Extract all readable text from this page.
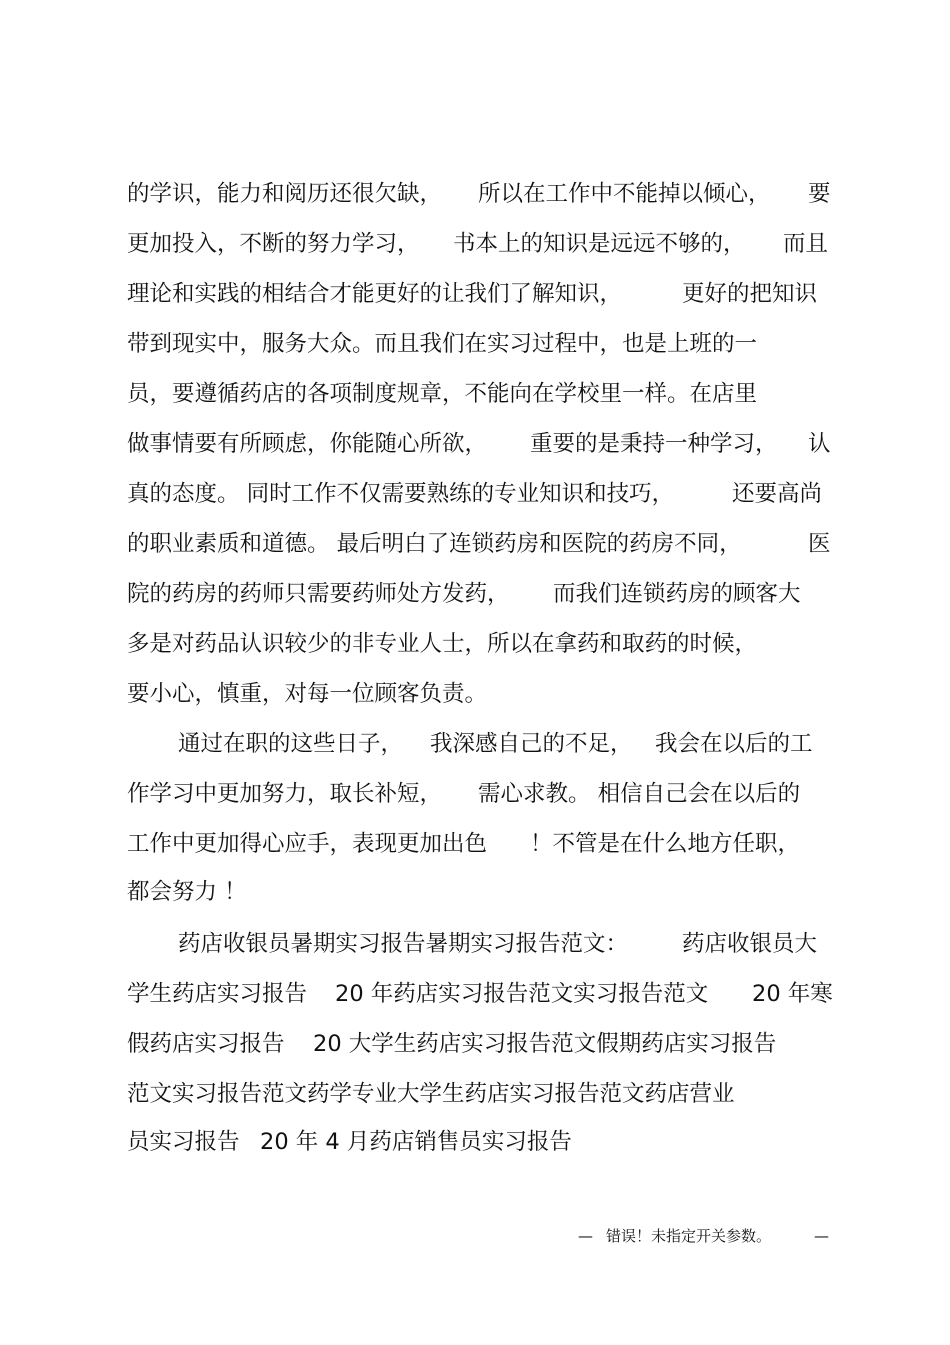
的学识，能力和阅历还很欠缺，

所以在工作中不能掉以倾心，

要

更加投入，不断的努力学习，

书本上的知识是远远不够的，

而且

理论和实践的相结合才能更好的让我们了解知识，

	更好的把知识

带到现实中，服务大众。而且我们在实习过程中，也是上班的一

员，要遵循药店的各项制度规章，不能向在学校里一样。在店里

做事情要有所顾虑，你能随心所欲，

重要的是秉持一种学习，

认

真的态度。 同时工作不仅需要熟练的专业知识和技巧，

	还要高尚

的职业素质和道德。 最后明白了连锁药房和医院的药房不同，

	医

院的药房的药师只需要药师处方发药，

而我们连锁药房的顾客大

多是对药品认识较少的非专业人士，所以在拿药和取药的时候，

要小心，慎重，对每一位顾客负责。

通过在职的这些日子，

我深感自己的不足，

我会在以后的工

作学习中更加努力，取长补短，

需心求教。 相信自己会在以后的

工作中更加得心应手，表现更加出色

！不管是在什么地方任职，

都会努力 ！

药店收银员暑期实习报告暑期实习报告范文：

药店收银员大

学生药店实习报告

20 年药店实习报告范文实习报告范文

20 年寒

假药店实习报告

20 大学生药店实习报告范文假期药店实习报告

范文实习报告范文药学专业大学生药店实习报告范文药店营业

员实习报告

20 年 4 月药店销售员实习报告

— 错误！未指定开关参数。	—
